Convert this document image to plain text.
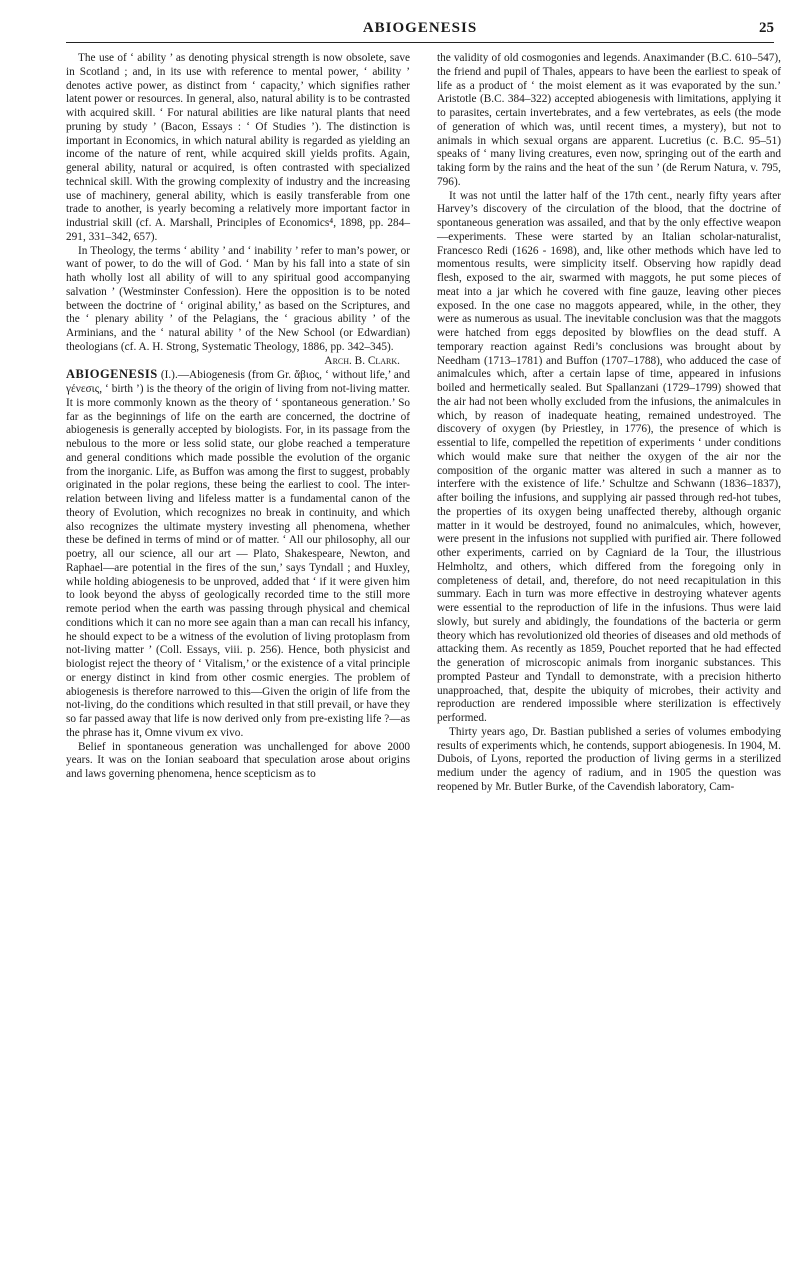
ABIOGENESIS	25

The use of ‘ ability ’ as denoting physical strength is now obsolete, save in Scotland ; and, in its use with reference to mental power, ‘ ability ’ denotes active power, as distinct from ‘ capacity,’ which signifies rather latent power or resources. In general, also, natural ability is to be contrasted with acquired skill. ‘ For natural abilities are like natural plants that need pruning by study ’ (Bacon, Essays : ‘ Of Studies ’). The distinction is important in Economics, in which natural ability is regarded as yielding an income of the nature of rent, while acquired skill yields profits. Again, general ability, natural or acquired, is often contrasted with specialized technical skill. With the growing complexity of industry and the increasing use of machinery, general ability, which is easily transferable from one trade to another, is yearly becoming a relatively more important factor in industrial skill (cf. A. Marshall, Principles of Economics⁴, 1898, pp. 284–291, 331–342, 657).

In Theology, the terms ‘ ability ’ and ‘ inability ’ refer to man’s power, or want of power, to do the will of God. ‘ Man by his fall into a state of sin hath wholly lost all ability of will to any spiritual good accompanying salvation ’ (Westminster Confession). Here the opposition is to be noted between the doctrine of ‘ original ability,’ as based on the Scriptures, and the ‘ plenary ability ’ of the Pelagians, the ‘ gracious ability ’ of the Arminians, and the ‘ natural ability ’ of the New School (or Edwardian) theologians (cf. A. H. Strong, Systematic Theology, 1886, pp. 342–345).

Arch. B. Clark.

ABIOGENESIS (I.).—Abiogenesis (from Gr. ἄβιος, ‘ without life,’ and γένεσις, ‘ birth ’) is the theory of the origin of living from not-living matter. It is more commonly known as the theory of ‘ spontaneous generation.’ So far as the beginnings of life on the earth are concerned, the doctrine of abiogenesis is generally accepted by biologists. For, in its passage from the nebulous to the more or less solid state, our globe reached a temperature and general conditions which made possible the evolution of the organic from the inorganic. Life, as Buffon was among the first to suggest, probably originated in the polar regions, these being the earliest to cool. The inter-relation between living and lifeless matter is a fundamental canon of the theory of Evolution, which recognizes no break in continuity, and which also recognizes the ultimate mystery investing all phenomena, whether these be defined in terms of mind or of matter. ‘ All our philosophy, all our poetry, all our science, all our art — Plato, Shakespeare, Newton, and Raphael—are potential in the fires of the sun,’ says Tyndall ; and Huxley, while holding abiogenesis to be unproved, added that ‘ if it were given him to look beyond the abyss of geologically recorded time to the still more remote period when the earth was passing through physical and chemical conditions which it can no more see again than a man can recall his infancy, he should expect to be a witness of the evolution of living protoplasm from not-living matter ’ (Coll. Essays, viii. p. 256). Hence, both physicist and biologist reject the theory of ‘ Vitalism,’ or the existence of a vital principle or energy distinct in kind from other cosmic energies. The problem of abiogenesis is therefore narrowed to this—Given the origin of life from the not-living, do the conditions which resulted in that still prevail, or have they so far passed away that life is now derived only from pre-existing life ?—as the phrase has it, Omne vivum ex vivo.

Belief in spontaneous generation was unchallenged for above 2000 years. It was on the Ionian seaboard that speculation arose about origins and laws governing phenomena, hence scepticism as to

the validity of old cosmogonies and legends. Anaximander (B.C. 610–547), the friend and pupil of Thales, appears to have been the earliest to speak of life as a product of ‘ the moist element as it was evaporated by the sun.’ Aristotle (B.C. 384–322) accepted abiogenesis with limitations, applying it to parasites, certain invertebrates, and a few vertebrates, as eels (the mode of generation of which was, until recent times, a mystery), but not to animals in which sexual organs are apparent. Lucretius (c. B.C. 95–51) speaks of ‘ many living creatures, even now, springing out of the earth and taking form by the rains and the heat of the sun ’ (de Rerum Natura, v. 795, 796).

It was not until the latter half of the 17th cent., nearly fifty years after Harvey’s discovery of the circulation of the blood, that the doctrine of spontaneous generation was assailed, and that by the only effective weapon—experiments. These were started by an Italian scholar-naturalist, Francesco Redi (1626 - 1698), and, like other methods which have led to momentous results, were simplicity itself. Observing how rapidly dead flesh, exposed to the air, swarmed with maggots, he put some pieces of meat into a jar which he covered with fine gauze, leaving other pieces exposed. In the one case no maggots appeared, while, in the other, they were as numerous as usual. The inevitable conclusion was that the maggots were hatched from eggs deposited by blowflies on the dead stuff. A temporary reaction against Redi’s conclusions was brought about by Needham (1713–1781) and Buffon (1707–1788), who adduced the case of animalcules which, after a certain lapse of time, appeared in infusions boiled and hermetically sealed. But Spallanzani (1729–1799) showed that the air had not been wholly excluded from the infusions, the animalcules in which, by reason of inadequate heating, remained undestroyed. The discovery of oxygen (by Priestley, in 1776), the presence of which is essential to life, compelled the repetition of experiments ‘ under conditions which would make sure that neither the oxygen of the air nor the composition of the organic matter was altered in such a manner as to interfere with the existence of life.’ Schultze and Schwann (1836–1837), after boiling the infusions, and supplying air passed through red-hot tubes, the properties of its oxygen being unaffected thereby, although organic matter in it would be destroyed, found no animalcules, which, however, were present in the infusions not supplied with purified air. There followed other experiments, carried on by Cagniard de la Tour, the illustrious Helmholtz, and others, which differed from the foregoing only in completeness of detail, and, therefore, do not need recapitulation in this summary. Each in turn was more effective in destroying whatever agents were essential to the reproduction of life in the infusions. Thus were laid slowly, but surely and abidingly, the foundations of the bacteria or germ theory which has revolutionized old theories of diseases and old methods of attacking them. As recently as 1859, Pouchet reported that he had effected the generation of microscopic animals from inorganic substances. This prompted Pasteur and Tyndall to demonstrate, with a precision hitherto unapproached, that, despite the ubiquity of microbes, their activity and reproduction are rendered impossible where sterilization is effectively performed.

Thirty years ago, Dr. Bastian published a series of volumes embodying results of experiments which, he contends, support abiogenesis. In 1904, M. Dubois, of Lyons, reported the production of living germs in a sterilized medium under the agency of radium, and in 1905 the question was reopened by Mr. Butler Burke, of the Cavendish laboratory, Cam-
